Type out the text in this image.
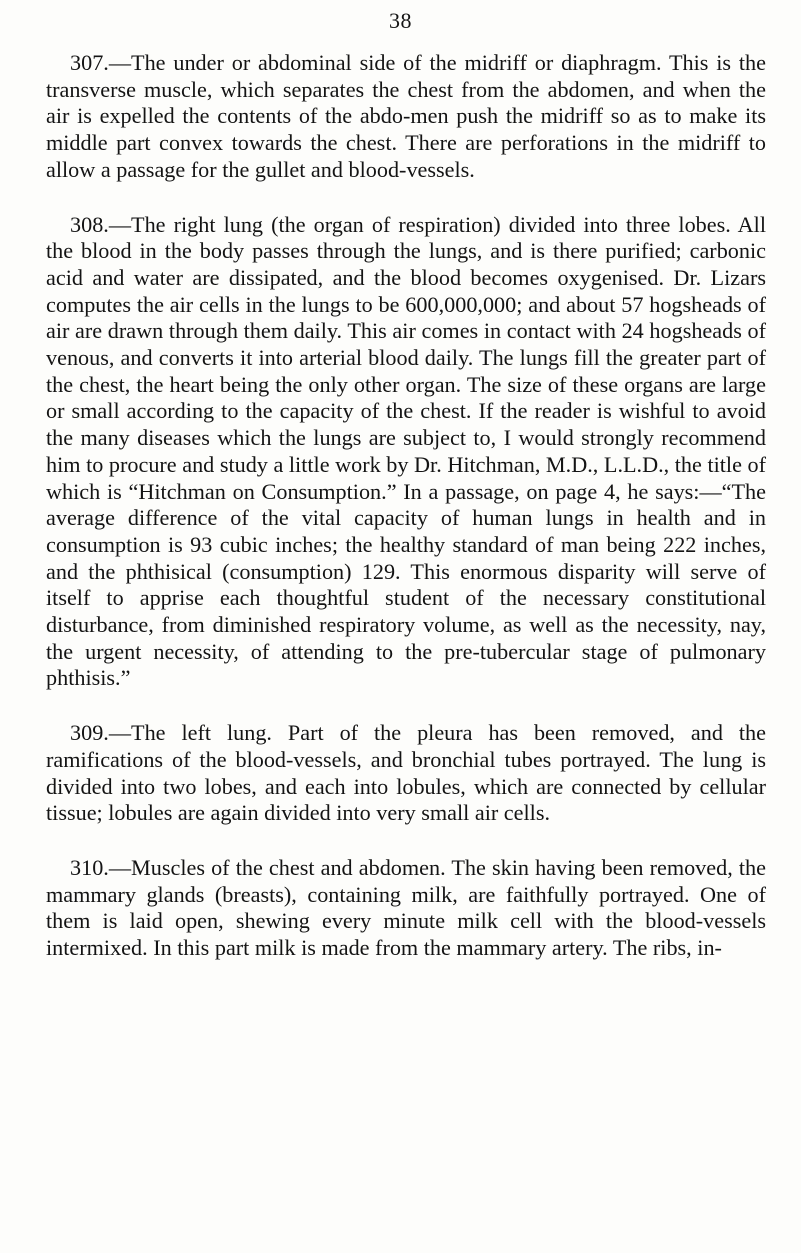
38

307.—The under or abdominal side of the midriff or diaphragm. This is the transverse muscle, which separates the chest from the abdomen, and when the air is expelled the contents of the abdo-men push the midriff so as to make its middle part convex towards the chest. There are perforations in the midriff to allow a passage for the gullet and blood-vessels.

308.—The right lung (the organ of respiration) divided into three lobes. All the blood in the body passes through the lungs, and is there purified; carbonic acid and water are dissipated, and the blood becomes oxygenised. Dr. Lizars computes the air cells in the lungs to be 600,000,000; and about 57 hogsheads of air are drawn through them daily. This air comes in contact with 24 hogsheads of venous, and converts it into arterial blood daily. The lungs fill the greater part of the chest, the heart being the only other organ. The size of these organs are large or small according to the capacity of the chest. If the reader is wishful to avoid the many diseases which the lungs are subject to, I would strongly recommend him to procure and study a little work by Dr. Hitchman, M.D., L.L.D., the title of which is “Hitchman on Consumption.” In a passage, on page 4, he says:—“The average difference of the vital capacity of human lungs in health and in consumption is 93 cubic inches; the healthy standard of man being 222 inches, and the phthisical (consumption) 129. This enormous disparity will serve of itself to apprise each thoughtful student of the necessary constitutional disturbance, from diminished respiratory volume, as well as the necessity, nay, the urgent necessity, of attending to the pre-tubercular stage of pulmonary phthisis.”

309.—The left lung. Part of the pleura has been removed, and the ramifications of the blood-vessels, and bronchial tubes portrayed. The lung is divided into two lobes, and each into lobules, which are connected by cellular tissue; lobules are again divided into very small air cells.

310.—Muscles of the chest and abdomen. The skin having been removed, the mammary glands (breasts), containing milk, are faithfully portrayed. One of them is laid open, shewing every minute milk cell with the blood-vessels intermixed. In this part milk is made from the mammary artery. The ribs, in-
